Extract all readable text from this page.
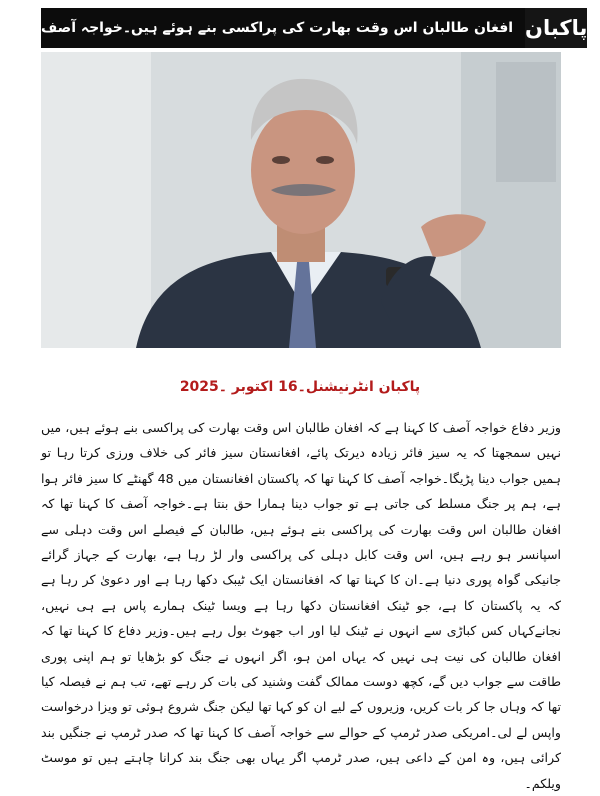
افغان طالبان اس وقت بھارت کی پراکسی بنے ہوئے ہیں۔خواجہ آصف پاکبان
پاکبان انٹرنیشنل۔16 اکتوبر ۔2025
وزیر دفاع خواجہ آصف کا کہنا ہے کہ افغان طالبان اس وقت بھارت کی پراکسی بنے ہوئے ہیں، میں نہیں سمجھتا کہ یہ سیز فائر زیادہ دیرتک پائے، افغانستان سیز فائر کی خلاف ورزی کرتا رہا تو ہمیں جواب دینا پڑیگا۔خواجہ آصف کا کہنا تھا کہ پاکستان افغانستان میں 48 گھنٹے کا سیز فائر ہوا ہے، ہم پر جنگ مسلط کی جاتی ہے تو جواب دینا ہمارا حق بنتا ہے۔خواجہ آصف کا کہنا تھا کہ افغان طالبان اس وقت بھارت کی پراکسی بنے ہوئے ہیں، طالبان کے فیصلے اس وقت دہلی سے اسپانسر ہو رہے ہیں، اس وقت کابل دہلی کی پراکسی وار لڑ رہا ہے، بھارت کے جہاز گرائے جانیکی گواہ پوری دنیا ہے۔ان کا کہنا تھا کہ افغانستان ایک ٹیبک دکھا رہا ہے اور دعویٰ کر رہا ہے کہ یہ پاکستان کا ہے، جو ٹینک افغانستان دکھا رہا ہے ویسا ٹینک ہمارے پاس ہے ہی نہیں، نجانےکہاں کس کباڑی سے انہوں نے ٹینک لیا اور اب جھوٹ بول رہے ہیں۔وزیر دفاع کا کہنا تھا کہ افغان طالبان کی نیت ہی نہیں کہ یہاں امن ہو، اگر انہوں نے جنگ کو بڑھایا تو ہم اپنی پوری طاقت سے جواب دیں گے، کچھ دوست ممالک گفت وشنید کی بات کر رہے تھے، تب ہم نے فیصلہ کیا تھا کہ وہاں جا کر بات کریں، وزیروں کے لیے ان کو کہا تھا لیکن جنگ شروع ہوئی تو ویزا درخواست واپس لے لی۔امریکی صدر ٹرمپ کے حوالے سے خواجہ آصف کا کہنا تھا کہ صدر ٹرمپ نے جنگیں بند کرائی ہیں، وہ امن کے داعی ہیں، صدر ٹرمپ اگر یہاں بھی جنگ بند کرانا چاہتے ہیں تو موسٹ ویلکم۔
